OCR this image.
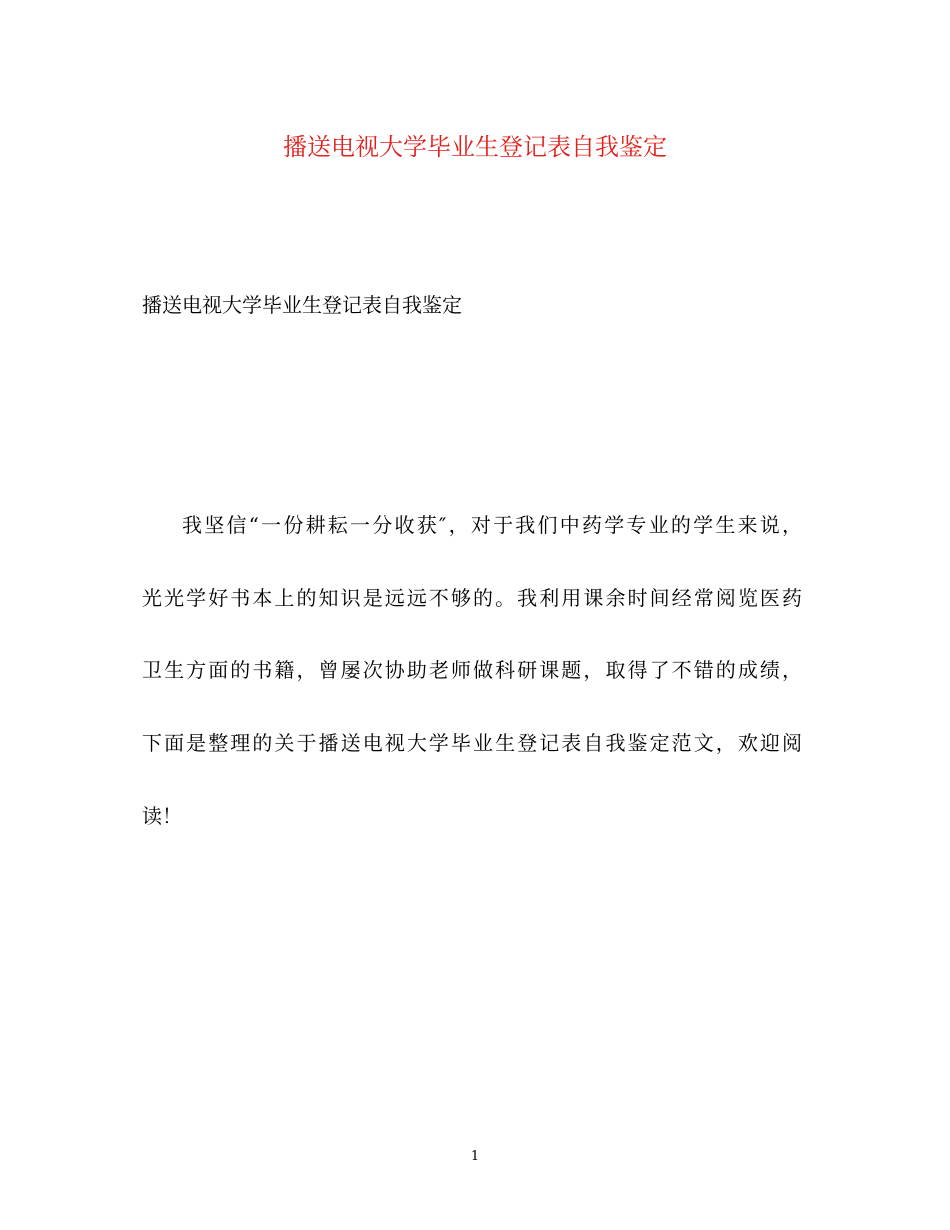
播送电视大学毕业生登记表自我鉴定
播送电视大学毕业生登记表自我鉴定
我坚信“一份耕耘一分收获″，对于我们中药学专业的学生来说，
光光学好书本上的知识是远远不够的。我利用课余时间经常阅览医药
卫生方面的书籍，曾屡次协助老师做科研课题，取得了不错的成绩，
下面是整理的关于播送电视大学毕业生登记表自我鉴定范文，欢迎阅
读！
1
